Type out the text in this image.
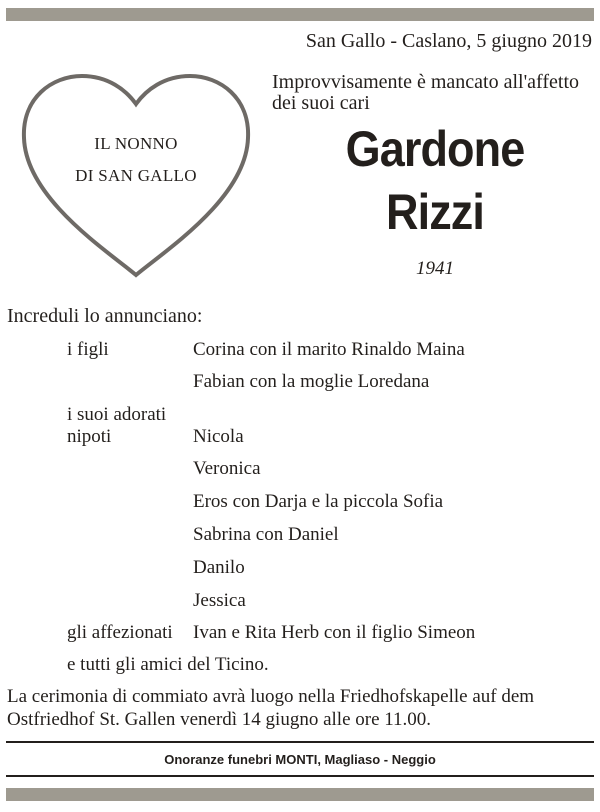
IL NONNO
DI SAN GALLO
San Gallo - Caslano, 5 giugno 2019
Improvvisamente è mancato all'affetto dei suoi cari
Gardone
Rizzi
1941
Increduli lo annunciano:
i figli	Corina con il marito Rinaldo Maina
Fabian con la moglie Loredana
i suoi adorati
nipoti	Nicola
Veronica
Eros con Darja e la piccola Sofia
Sabrina con Daniel
Danilo
Jessica
gli affezionati Ivan e Rita Herb con il figlio Simeon
e tutti gli amici del Ticino.
La cerimonia di commiato avrà luogo nella Friedhofskapelle auf dem Ostfriedhof St. Gallen venerdì 14 giugno alle ore 11.00.
Onoranze funebri MONTI, Magliaso - Neggio
